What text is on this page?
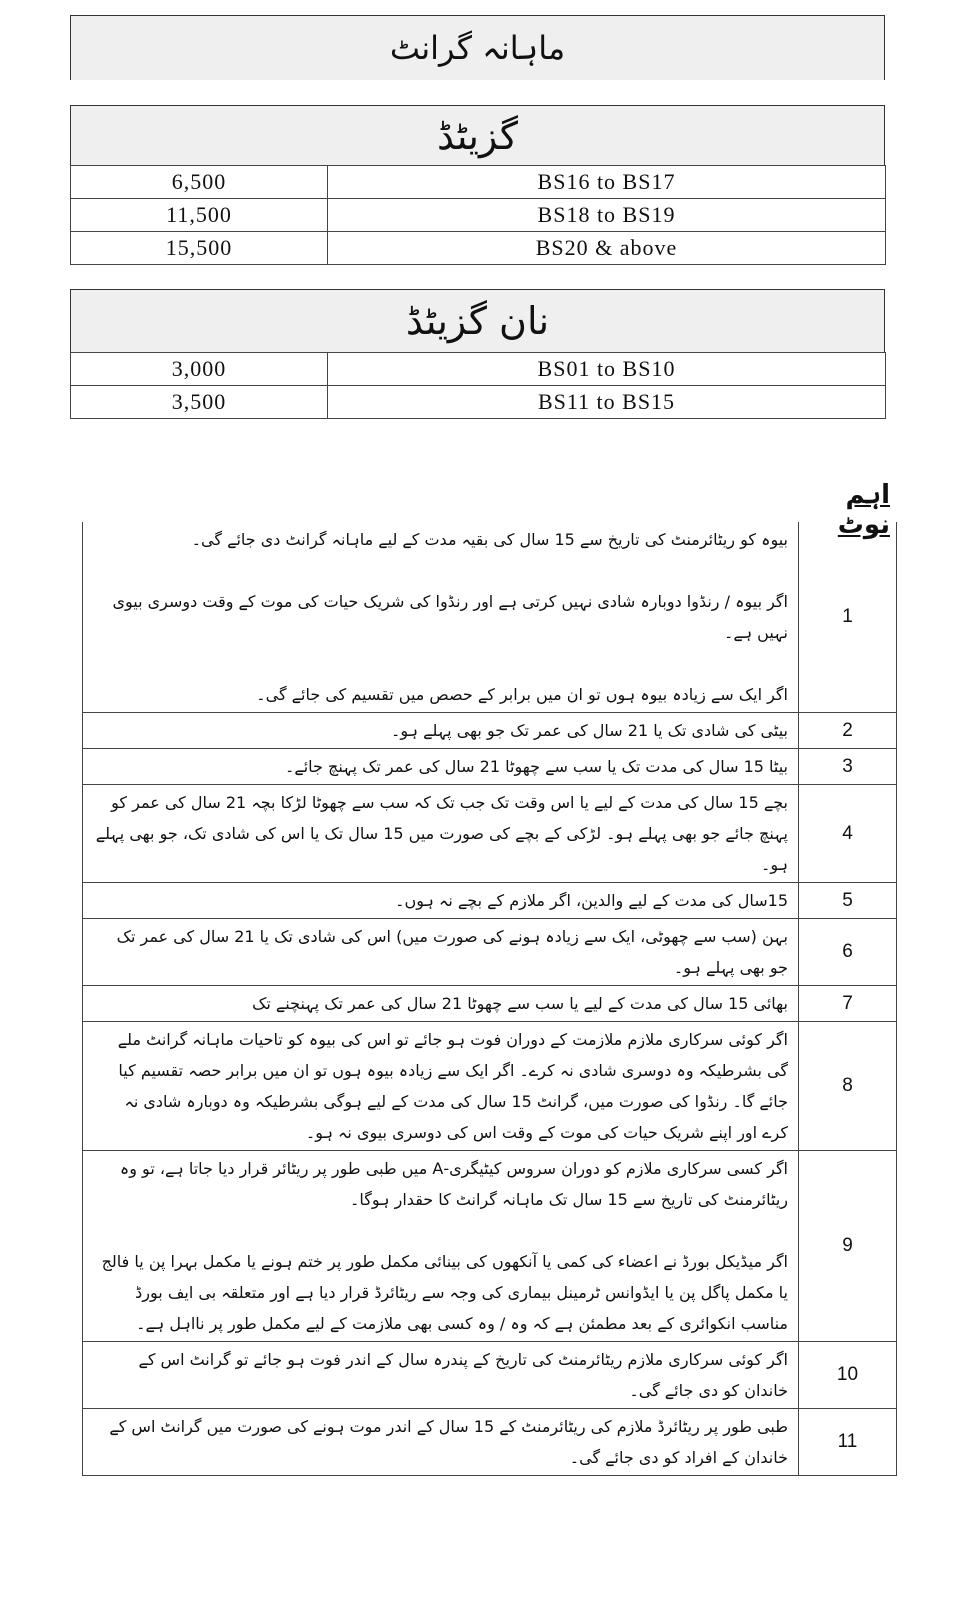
ماہانہ گرانٹ
گزیٹڈ
6,500	BS16 to BS17
11,500	BS18 to BS19
15,500	BS20 & above
نان گزیٹڈ
3,000	BS01 to BS10
3,500	BS11 to BS15
اہم نوٹ
بیوہ کو ریٹائرمنٹ کی تاریخ سے 15 سال کی بقیہ مدت کے لیے ماہانہ گرانٹ دی جائے گی۔
اگر بیوہ / رنڈوا دوبارہ شادی نہیں کرتی ہے اور رنڈوا کی شریک حیات کی موت کے وقت دوسری بیوی نہیں ہے۔
اگر ایک سے زیادہ بیوہ ہوں تو ان میں برابر کے حصص میں تقسیم کی جائے گی۔	1

بیٹی کی شادی تک یا 21 سال کی عمر تک جو بھی پہلے ہو۔	2

بیٹا 15 سال کی مدت تک یا سب سے چھوٹا 21 سال کی عمر تک پہنچ جائے۔	3

بچے 15 سال کی مدت کے لیے یا اس وقت تک جب تک کہ سب سے چھوٹا لڑکا بچہ 21 سال کی عمر کو پہنچ جائے جو بھی پہلے ہو۔ لڑکی کے بچے کی صورت میں 15 سال تک یا اس کی شادی تک، جو بھی پہلے ہو۔	4

15سال کی مدت کے لیے والدین، اگر ملازم کے بچے نہ ہوں۔	5

بہن (سب سے چھوٹی، ایک سے زیادہ ہونے کی صورت میں) اس کی شادی تک یا 21 سال کی عمر تک جو بھی پہلے ہو۔	6

بھائی 15 سال کی مدت کے لیے یا سب سے چھوٹا 21 سال کی عمر تک پہنچنے تک	7

اگر کوئی سرکاری ملازم ملازمت کے دوران فوت ہو جائے تو اس کی بیوہ کو تاحیات ماہانہ گرانٹ ملے گی بشرطیکہ وہ دوسری شادی نہ کرے۔ اگر ایک سے زیادہ بیوہ ہوں تو ان میں برابر حصہ تقسیم کیا جائے گا۔ رنڈوا کی صورت میں، گرانٹ 15 سال کی مدت کے لیے ہوگی بشرطیکہ وہ دوبارہ شادی نہ کرے اور اپنے شریک حیات کی موت کے وقت اس کی دوسری بیوی نہ ہو۔	8

اگر کسی سرکاری ملازم کو دوران سروس کیٹیگری-A میں طبی طور پر ریٹائر قرار دیا جاتا ہے، تو وہ ریٹائرمنٹ کی تاریخ سے 15 سال تک ماہانہ گرانٹ کا حقدار ہوگا۔
اگر میڈیکل بورڈ نے اعضاء کی کمی یا آنکھوں کی بینائی مکمل طور پر ختم ہونے یا مکمل بہرا پن یا فالج یا مکمل پاگل پن یا ایڈوانس ٹرمینل بیماری کی وجہ سے ریٹائرڈ قرار دیا ہے اور متعلقہ بی ایف بورڈ مناسب انکوائری کے بعد مطمئن ہے کہ وہ / وہ کسی بھی ملازمت کے لیے مکمل طور پر نااہل ہے۔	9

اگر کوئی سرکاری ملازم ریٹائرمنٹ کی تاریخ کے پندرہ سال کے اندر فوت ہو جائے تو گرانٹ اس کے خاندان کو دی جائے گی۔	10

طبی طور پر ریٹائرڈ ملازم کی ریٹائرمنٹ کے 15 سال کے اندر موت ہونے کی صورت میں گرانٹ اس کے خاندان کے افراد کو دی جائے گی۔	11
